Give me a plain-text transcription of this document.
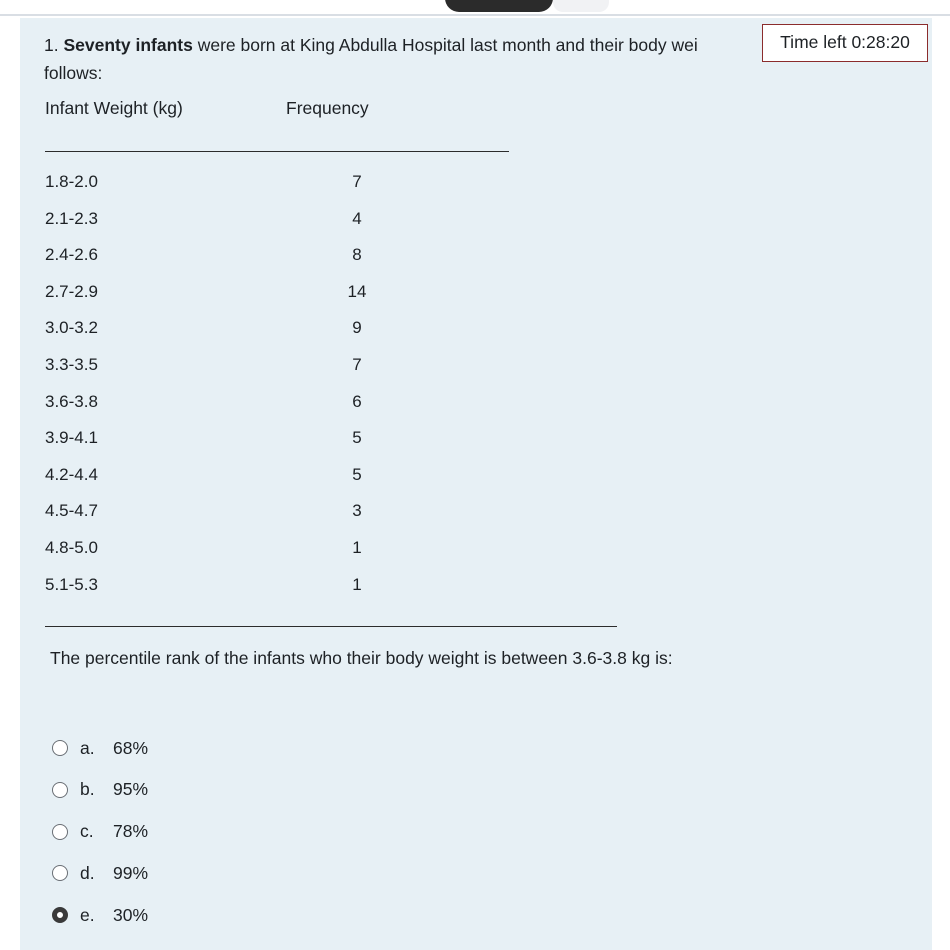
1. Seventy infants were born at King Abdulla Hospital last month and their body wei
follows:
Time left 0:28:20
Infant Weight (kg)	Frequency
1.8-2.0	7
2.1-2.3	4
2.4-2.6	8
2.7-2.9	14
3.0-3.2	9
3.3-3.5	7
3.6-3.8	6
3.9-4.1	5
4.2-4.4	5
4.5-4.7	3
4.8-5.0	1
5.1-5.3	1
The percentile rank of the infants who their body weight is between 3.6-3.8 kg is:
a.	68%
b.	95%
c.	78%
d.	99%
e.	30%
